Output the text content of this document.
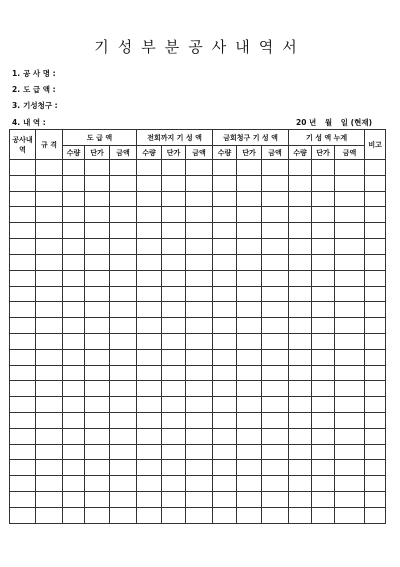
기성부분공사내역서
1. 공 사 명 :
2. 도 급 액 :
3. 기성청구 :
4. 내 역 :	20 년 월 일 (현재)
공사내역	규 격	도 급 액			전회까지 기 성 액			금회청구 기 성 액			기 성 액 누계			비고
		수량	단가	금액	수량	단가	금액	수량	단가	금액	수량	단가	금액	
